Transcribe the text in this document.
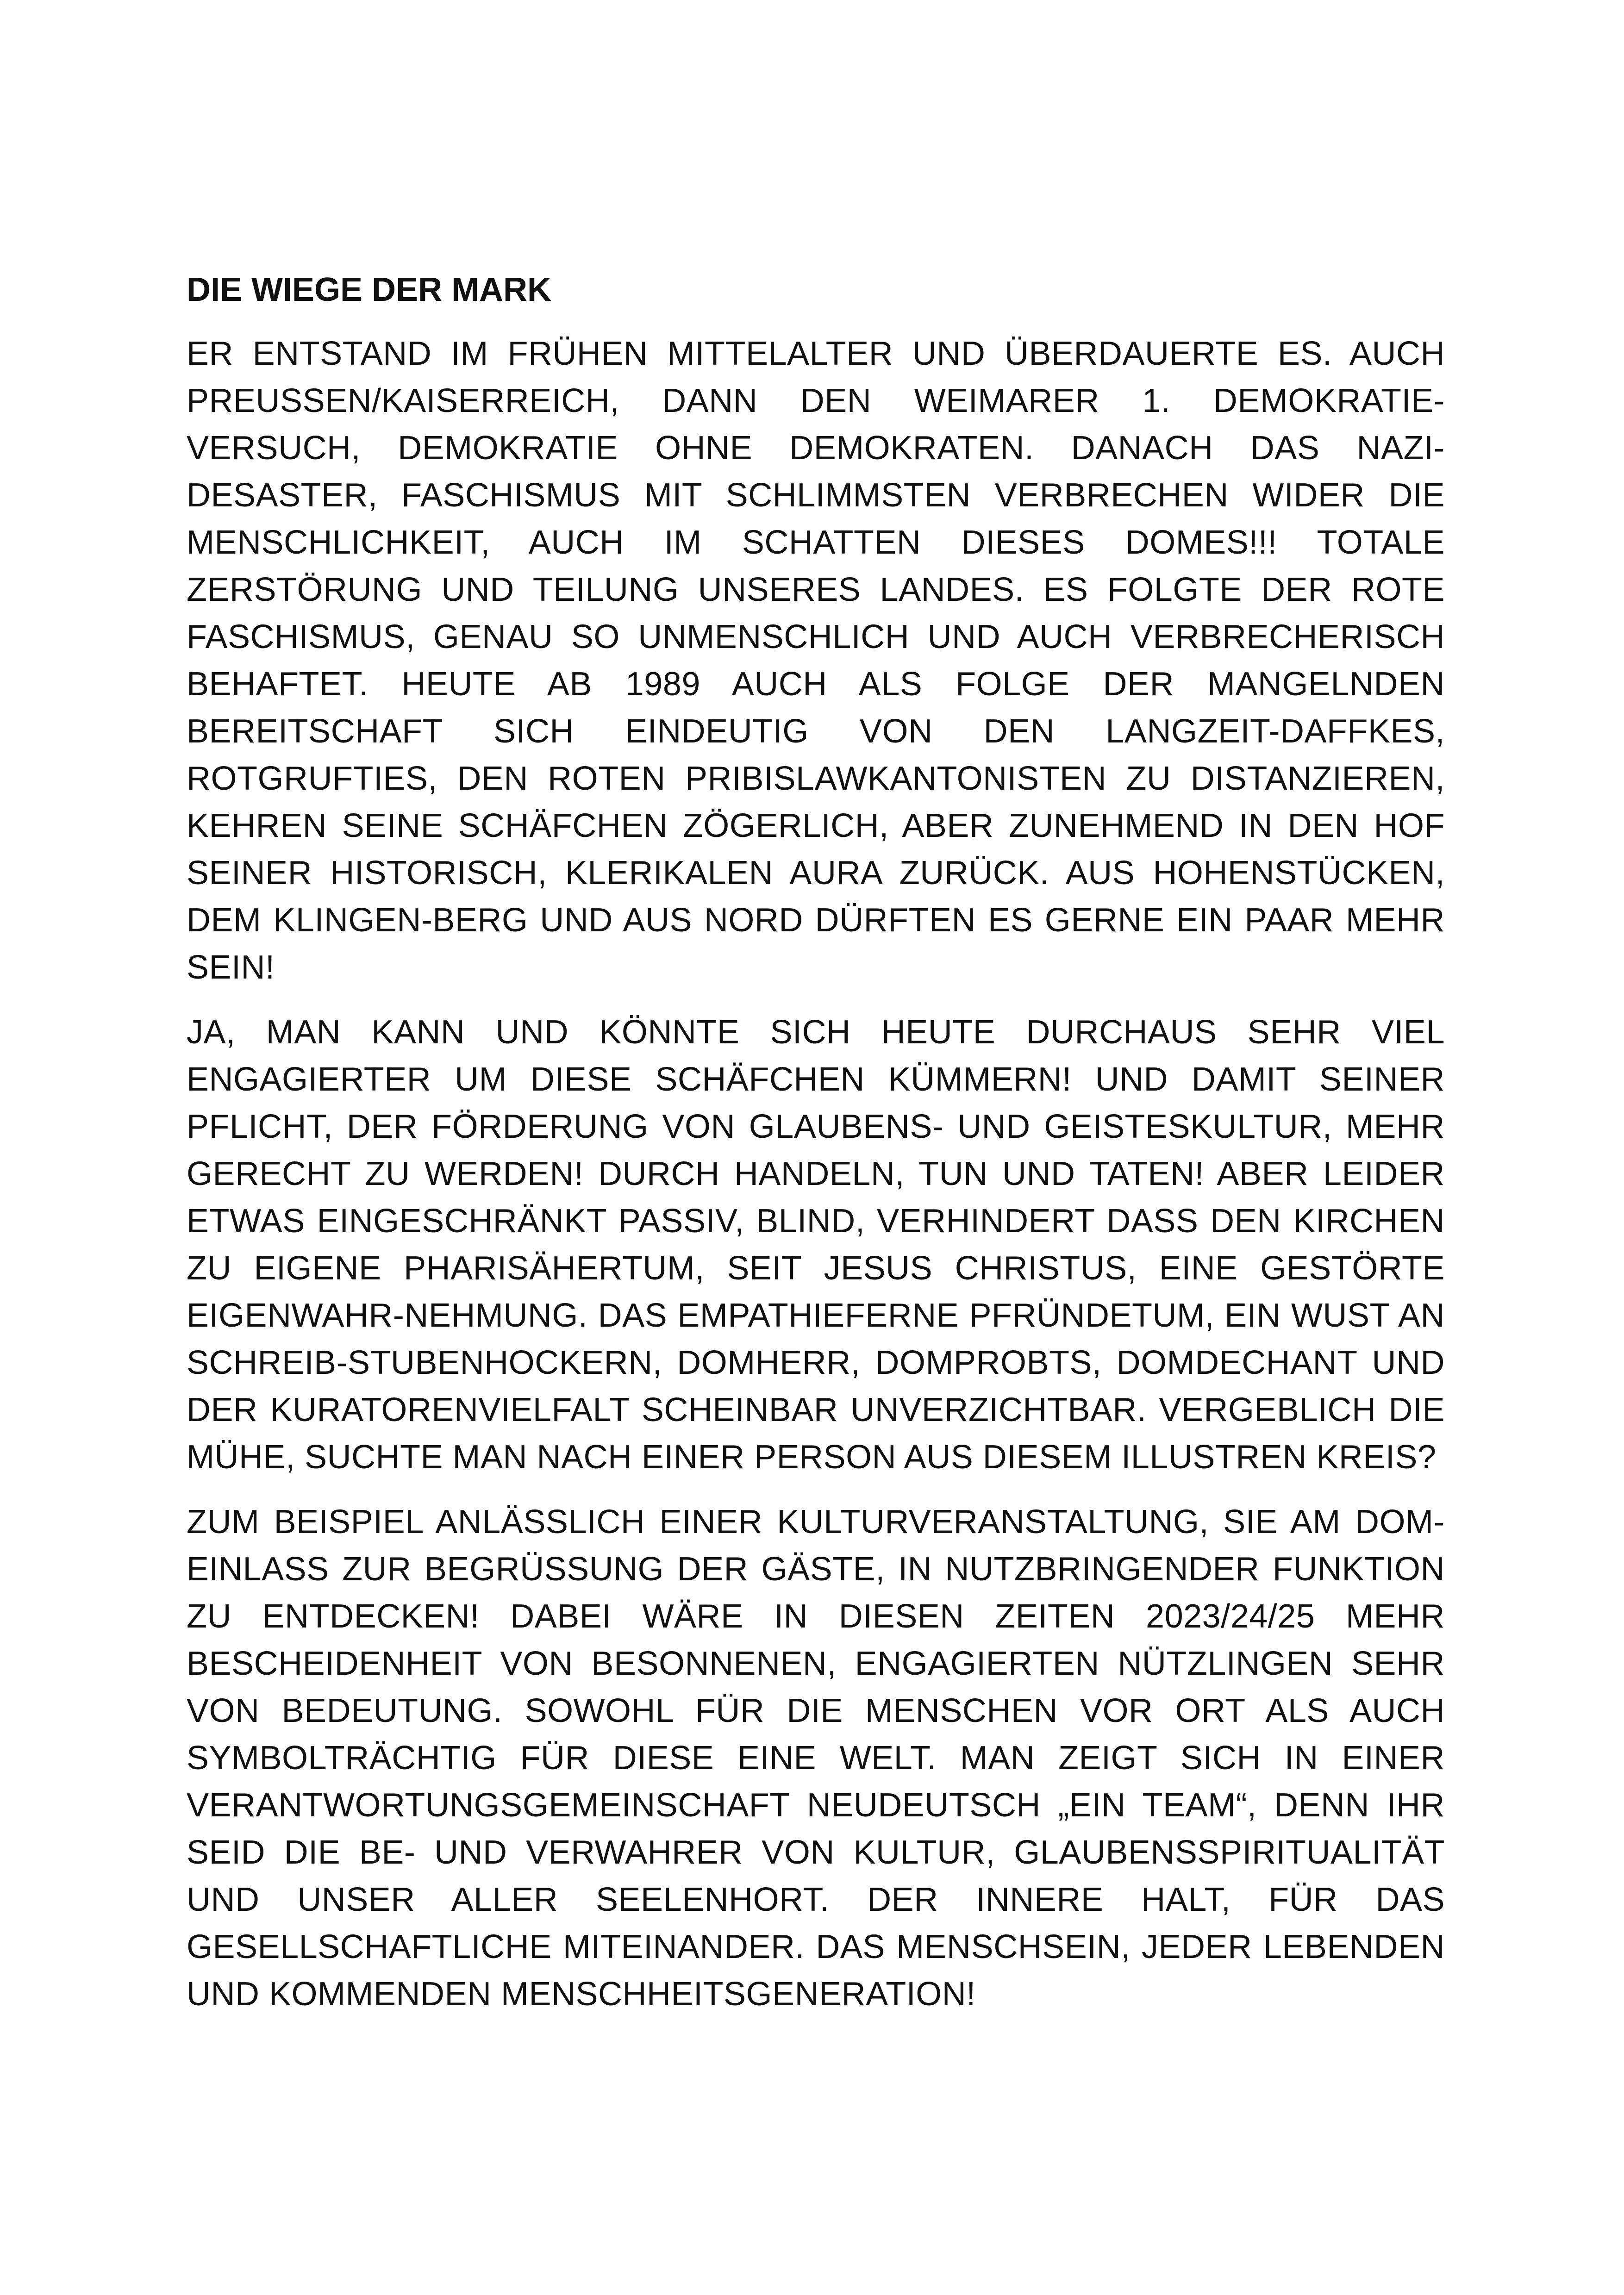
DIE WIEGE DER MARK

ER ENTSTAND IM FRÜHEN MITTELALTER UND ÜBERDAUERTE ES. AUCH PREUSSEN/KAISERREICH, DANN DEN WEIMARER 1. DEMOKRATIE-VERSUCH, DEMOKRATIE OHNE DEMOKRATEN. DANACH DAS NAZI-DESASTER, FASCHISMUS MIT SCHLIMMSTEN VERBRECHEN WIDER DIE MENSCHLICHKEIT, AUCH IM SCHATTEN DIESES DOMES!!! TOTALE ZERSTÖRUNG UND TEILUNG UNSERES LANDES. ES FOLGTE DER ROTE FASCHISMUS, GENAU SO UNMENSCHLICH UND AUCH VERBRECHERISCH BEHAFTET. HEUTE AB 1989 AUCH ALS FOLGE DER MANGELNDEN BEREITSCHAFT SICH EINDEUTIG VON DEN LANGZEIT-DAFFKES, ROTGRUFTIES, DEN ROTEN PRIBISLAWKANTONISTEN ZU DISTANZIEREN, KEHREN SEINE SCHÄFCHEN ZÖGERLICH, ABER ZUNEHMEND IN DEN HOF SEINER HISTORISCH, KLERIKALEN AURA ZURÜCK. AUS HOHENSTÜCKEN, DEM KLINGEN-BERG UND AUS NORD DÜRFTEN ES GERNE EIN PAAR MEHR SEIN!

JA, MAN KANN UND KÖNNTE SICH HEUTE DURCHAUS SEHR VIEL ENGAGIERTER UM DIESE SCHÄFCHEN KÜMMERN! UND DAMIT SEINER PFLICHT, DER FÖRDERUNG VON GLAUBENS- UND GEISTESKULTUR, MEHR GERECHT ZU WERDEN! DURCH HANDELN, TUN UND TATEN! ABER LEIDER ETWAS EINGESCHRÄNKT PASSIV, BLIND, VERHINDERT DASS DEN KIRCHEN ZU EIGENE PHARISÄHERTUM, SEIT JESUS CHRISTUS, EINE GESTÖRTE EIGENWAHR-NEHMUNG. DAS EMPATHIEFERNE PFRÜNDETUM, EIN WUST AN SCHREIB-STUBENHOCKERN, DOMHERR, DOMPROBTS, DOMDECHANT UND DER KURATORENVIELFALT SCHEINBAR UNVERZICHTBAR. VERGEBLICH DIE MÜHE, SUCHTE MAN NACH EINER PERSON AUS DIESEM ILLUSTREN KREIS?

ZUM BEISPIEL ANLÄSSLICH EINER KULTURVERANSTALTUNG, SIE AM DOM-EINLASS ZUR BEGRÜSSUNG DER GÄSTE, IN NUTZBRINGENDER FUNKTION ZU ENTDECKEN! DABEI WÄRE IN DIESEN ZEITEN 2023/24/25 MEHR BESCHEIDENHEIT VON BESONNENEN, ENGAGIERTEN NÜTZLINGEN SEHR VON BEDEUTUNG. SOWOHL FÜR DIE MENSCHEN VOR ORT ALS AUCH SYMBOLTRÄCHTIG FÜR DIESE EINE WELT. MAN ZEIGT SICH IN EINER VERANTWORTUNGSGEMEINSCHAFT NEUDEUTSCH „EIN TEAM“, DENN IHR SEID DIE BE- UND VERWAHRER VON KULTUR, GLAUBENSSPIRITUALITÄT UND UNSER ALLER SEELENHORT. DER INNERE HALT, FÜR DAS GESELLSCHAFTLICHE MITEINANDER. DAS MENSCHSEIN, JEDER LEBENDEN UND KOMMENDEN MENSCHHEITSGENERATION!
